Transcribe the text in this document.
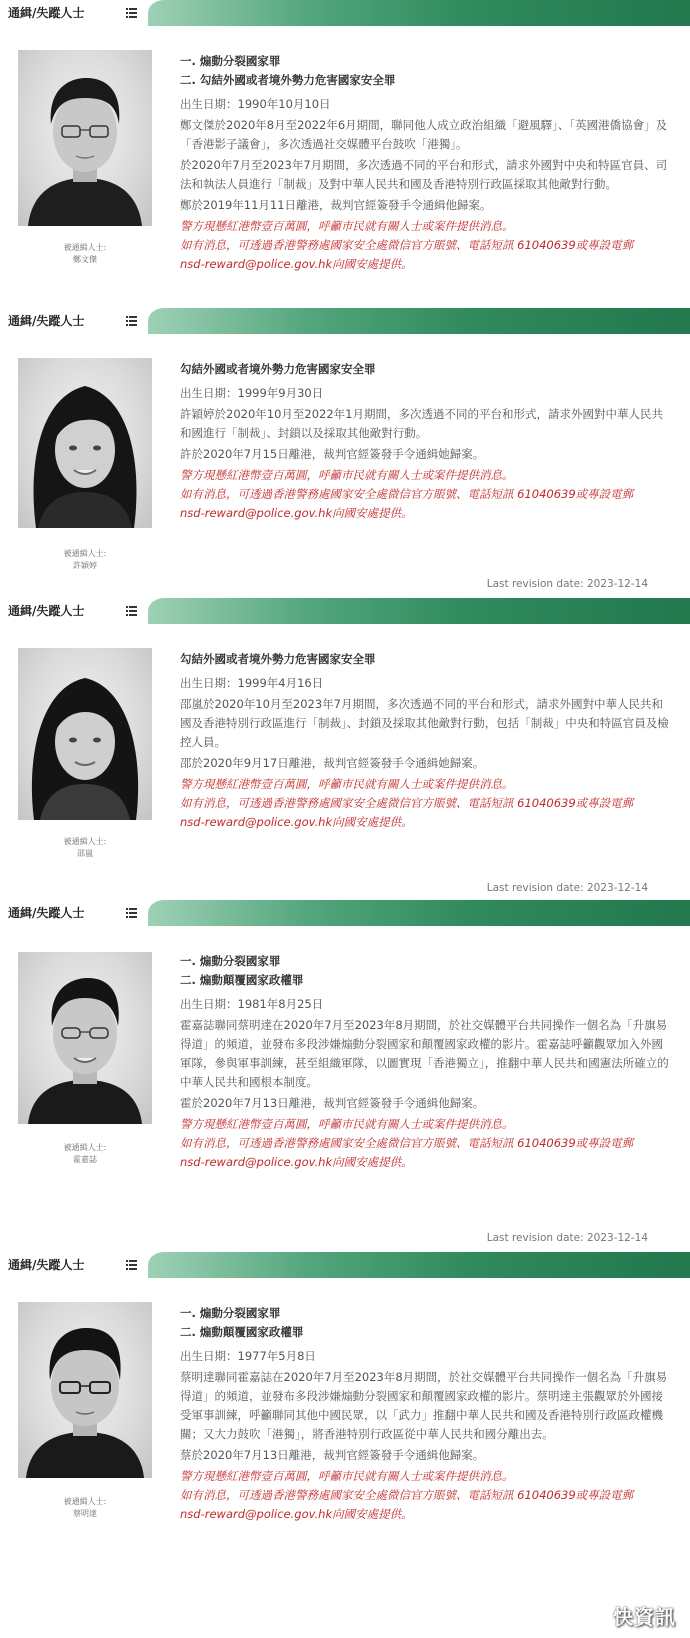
通緝/失蹤人士
被通緝人士:
鄭文傑
一. 煽動分裂國家罪
二. 勾結外國或者境外勢力危害國家安全罪
出生日期：1990年10月10日
鄭文傑於2020年8月至2022年6月期間，聯同他人成立政治組織「避風驛」、「英國港僑協會」及「香港影子議會」，多次透過社交媒體平台鼓吹「港獨」。
於2020年7月至2023年7月期間，多次透過不同的平台和形式，請求外國對中央和特區官員、司法和執法人員進行「制裁」及對中華人民共和國及香港特別行政區採取其他敵對行動。
鄭於2019年11月11日離港，裁判官經簽發手令通緝他歸案。
警方現懸紅港幣壹百萬圓，呼籲市民就有關人士或案件提供消息。
如有消息，可透過香港警務處國家安全處微信官方賬號、電話短訊 61040639或專設電郵
nsd-reward@police.gov.hk向國安處提供。
通緝/失蹤人士
被通緝人士:
許穎婷
勾結外國或者境外勢力危害國家安全罪
出生日期：1999年9月30日
許穎婷於2020年10月至2022年1月期間，多次透過不同的平台和形式，請求外國對中華人民共和國進行「制裁」、封鎖以及採取其他敵對行動。
許於2020年7月15日離港，裁判官經簽發手令通緝她歸案。
警方現懸紅港幣壹百萬圓，呼籲市民就有關人士或案件提供消息。
如有消息，可透過香港警務處國家安全處微信官方賬號、電話短訊 61040639或專設電郵
nsd-reward@police.gov.hk向國安處提供。
Last revision date: 2023-12-14
通緝/失蹤人士
被通緝人士:
邵嵐
勾結外國或者境外勢力危害國家安全罪
出生日期：1999年4月16日
邵嵐於2020年10月至2023年7月期間，多次透過不同的平台和形式，請求外國對中華人民共和國及香港特別行政區進行「制裁」、封鎖及採取其他敵對行動，包括「制裁」中央和特區官員及檢控人員。
邵於2020年9月17日離港，裁判官經簽發手令通緝她歸案。
警方現懸紅港幣壹百萬圓，呼籲市民就有關人士或案件提供消息。
如有消息，可透過香港警務處國家安全處微信官方賬號、電話短訊 61040639或專設電郵
nsd-reward@police.gov.hk向國安處提供。
Last revision date: 2023-12-14
通緝/失蹤人士
被通緝人士:
霍嘉誌
一. 煽動分裂國家罪
二. 煽動顛覆國家政權罪
出生日期：1981年8月25日
霍嘉誌聯同蔡明達在2020年7月至2023年8月期間，於社交媒體平台共同操作一個名為「升旗易得道」的頻道，並發布多段涉嫌煽動分裂國家和顛覆國家政權的影片。霍嘉誌呼籲觀眾加入外國軍隊，參與軍事訓練，甚至組織軍隊，以圖實現「香港獨立」，推翻中華人民共和國憲法所確立的中華人民共和國根本制度。
霍於2020年7月13日離港，裁判官經簽發手令通緝他歸案。
警方現懸紅港幣壹百萬圓，呼籲市民就有關人士或案件提供消息。
如有消息，可透過香港警務處國家安全處微信官方賬號、電話短訊 61040639或專設電郵
nsd-reward@police.gov.hk向國安處提供。
Last revision date: 2023-12-14
通緝/失蹤人士
被通緝人士:
蔡明達
一. 煽動分裂國家罪
二. 煽動顛覆國家政權罪
出生日期：1977年5月8日
蔡明達聯同霍嘉誌在2020年7月至2023年8月期間，於社交媒體平台共同操作一個名為「升旗易得道」的頻道，並發布多段涉嫌煽動分裂國家和顛覆國家政權的影片。蔡明達主張觀眾於外國接受軍事訓練，呼籲聯同其他中國民眾，以「武力」推翻中華人民共和國及香港特別行政區政權機關；又大力鼓吹「港獨」，將香港特別行政區從中華人民共和國分離出去。
蔡於2020年7月13日離港，裁判官經簽發手令通緝他歸案。
警方現懸紅港幣壹百萬圓，呼籲市民就有關人士或案件提供消息。
如有消息，可透過香港警務處國家安全處微信官方賬號、電話短訊 61040639或專設電郵
nsd-reward@police.gov.hk向國安處提供。
快資訊
